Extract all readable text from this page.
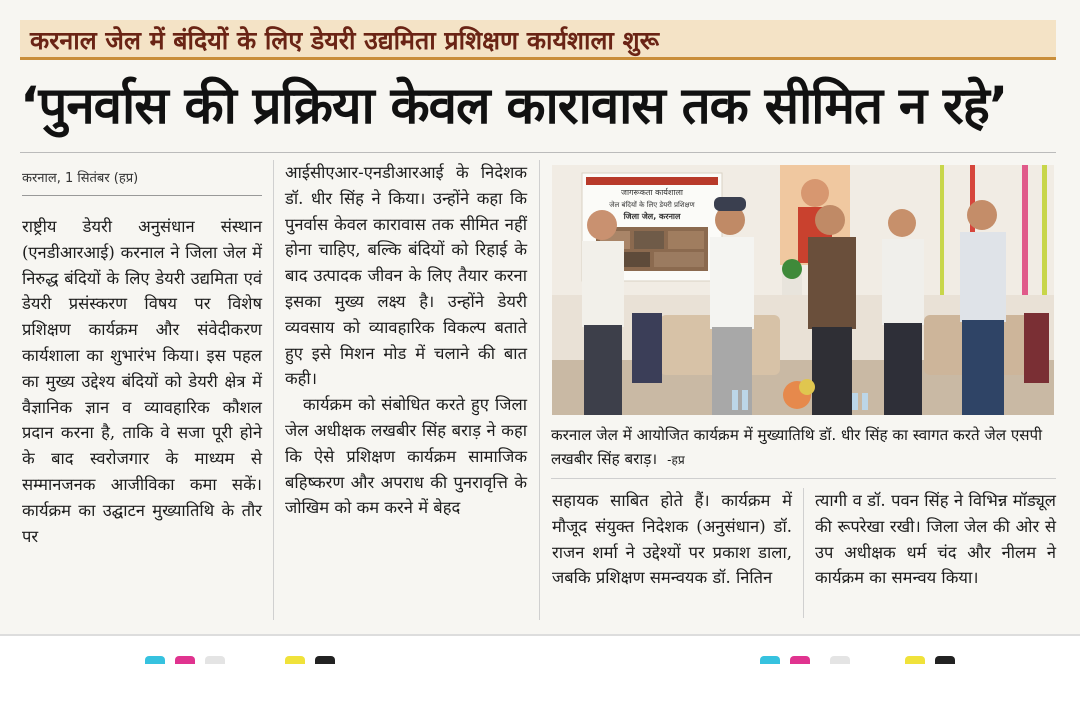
करनाल जेल में बंदियों के लिए डेयरी उद्यमिता प्रशिक्षण कार्यशाला शुरू
‘पुनर्वास की प्रक्रिया केवल कारावास तक सीमित न रहे’
करनाल, 1 सितंबर (हप्र)

राष्ट्रीय डेयरी अनुसंधान संस्थान (एनडीआरआई) करनाल ने जिला जेल में निरुद्ध बंदियों के लिए डेयरी उद्यमिता एवं डेयरी प्रसंस्करण विषय पर विशेष प्रशिक्षण कार्यक्रम और संवेदीकरण कार्यशाला का शुभारंभ किया। इस पहल का मुख्य उद्देश्य बंदियों को डेयरी क्षेत्र में वैज्ञानिक ज्ञान व व्यावहारिक कौशल प्रदान करना है, ताकि वे सजा पूरी होने के बाद स्वरोजगार के माध्यम से सम्मानजनक आजीविका कमा सकें। कार्यक्रम का उद्घाटन मुख्यातिथि के तौर पर

आईसीएआर-एनडीआरआई के निदेशक डॉ. धीर सिंह ने किया। उन्होंने कहा कि पुनर्वास केवल कारावास तक सीमित नहीं होना चाहिए, बल्कि बंदियों को रिहाई के बाद उत्पादक जीवन के लिए तैयार करना इसका मुख्य लक्ष्य है। उन्होंने डेयरी व्यवसाय को व्यावहारिक विकल्प बताते हुए इसे मिशन मोड में चलाने की बात कही।

कार्यक्रम को संबोधित करते हुए जिला जेल अधीक्षक लखबीर सिंह बराड़ ने कहा कि ऐसे प्रशिक्षण कार्यक्रम सामाजिक बहिष्करण और अपराध की पुनरावृत्ति के जोखिम को कम करने में बेहद

जागरूकता कार्यशाला
जेल बंदियों के लिए डेयरी प्रशिक्षण
जिला जेल, करनाल
करनाल जेल में आयोजित कार्यक्रम में मुख्यातिथि डॉ. धीर सिंह का स्वागत करते जेल एसपी लखबीर सिंह बराड़। -हप्र

सहायक साबित होते हैं। कार्यक्रम में मौजूद संयुक्त निदेशक (अनुसंधान) डॉ. राजन शर्मा ने उद्देश्यों पर प्रकाश डाला, जबकि प्रशिक्षण समन्वयक डॉ. नितिन

त्यागी व डॉ. पवन सिंह ने विभिन्न मॉड्यूल की रूपरेखा रखी। जिला जेल की ओर से उप अधीक्षक धर्म चंद और नीलम ने कार्यक्रम का समन्वय किया।
